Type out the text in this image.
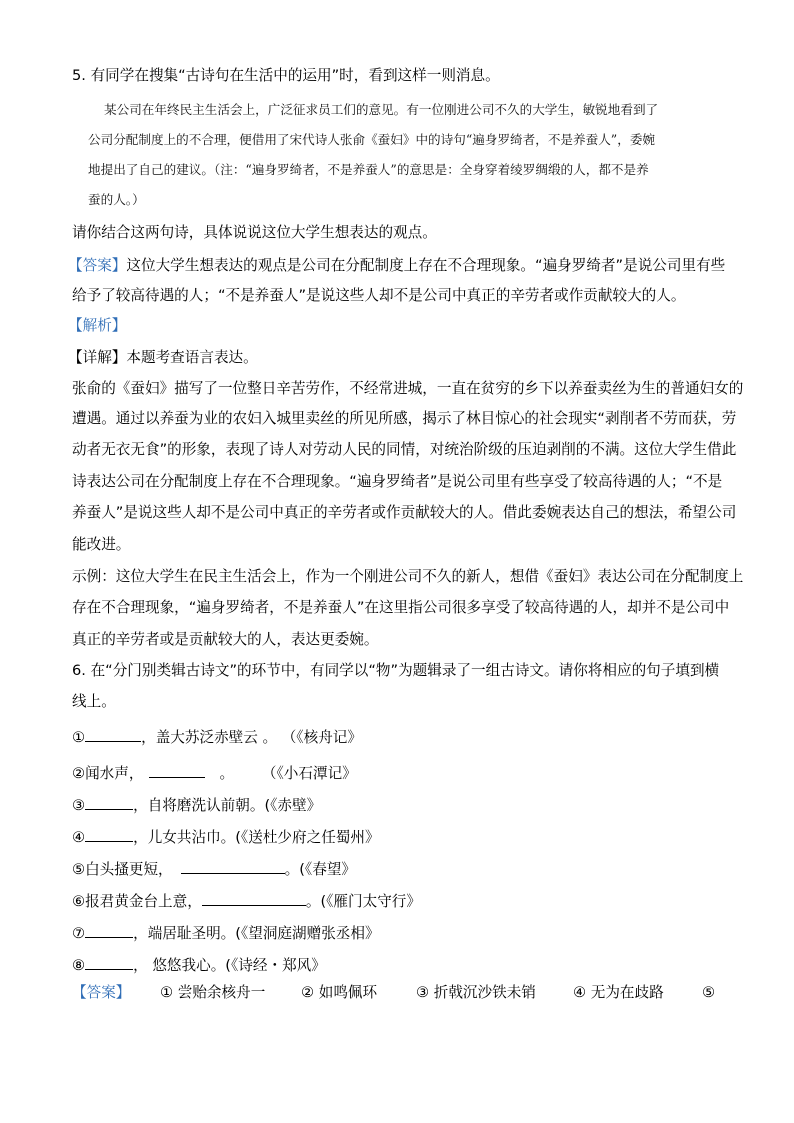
5. 有同学在搜集“古诗句在生活中的运用”时，看到这样一则消息。
某公司在年终民主生活会上，广泛征求员工们的意见。有一位刚进公司不久的大学生，敏锐地看到了
公司分配制度上的不合理，便借用了宋代诗人张俞《蚕妇》中的诗句“遍身罗绮者，不是养蚕人”，委婉
地提出了自己的建议。（注：“遍身罗绮者，不是养蚕人”的意思是：全身穿着绫罗绸缎的人，都不是养
蚕的人。）
请你结合这两句诗，具体说说这位大学生想表达的观点。
【答案】这位大学生想表达的观点是公司在分配制度上存在不合理现象。“遍身罗绮者”是说公司里有些
给予了较高待遇的人；“不是养蚕人”是说这些人却不是公司中真正的辛劳者或作贡献较大的人。
【解析】
【详解】本题考查语言表达。
张俞的《蚕妇》描写了一位整日辛苦劳作，不经常进城，一直在贫穷的乡下以养蚕卖丝为生的普通妇女的
遭遇。通过以养蚕为业的农妇入城里卖丝的所见所感，揭示了林目惊心的社会现实“剥削者不劳而获，劳
动者无衣无食”的形象，表现了诗人对劳动人民的同情，对统治阶级的压迫剥削的不满。这位大学生借此
诗表达公司在分配制度上存在不合理现象。“遍身罗绮者”是说公司里有些享受了较高待遇的人；“不是
养蚕人”是说这些人却不是公司中真正的辛劳者或作贡献较大的人。借此委婉表达自己的想法，希望公司
能改进。
示例：这位大学生在民主生活会上，作为一个刚进公司不久的新人，想借《蚕妇》表达公司在分配制度上
存在不合理现象，“遍身罗绮者，不是养蚕人”在这里指公司很多享受了较高待遇的人，却并不是公司中
真正的辛劳者或是贡献较大的人，表达更委婉。
6. 在“分门别类辑古诗文”的环节中，有同学以“物”为题辑录了一组古诗文。请你将相应的句子填到横
线上。
①	，盖大苏泛赤壁云 。 （《核舟记》
②闻水声，	。      （《小石潭记》
③	，自将磨洗认前朝。(《赤壁》
④	，儿女共沾巾。(《送杜少府之任蜀州》
⑤白头搔更短，	。(《春望》
⑥报君黄金台上意，	。(《雁门太守行》
⑦	，端居耻圣明。(《望洞庭湖赠张丞相》
⑧	， 悠悠我心。(《诗经・郑风》
【答案】 ① 尝贻余核舟一 ② 如鸣佩环	③ 折戟沉沙铁未销	④ 无为在歧路	⑤
